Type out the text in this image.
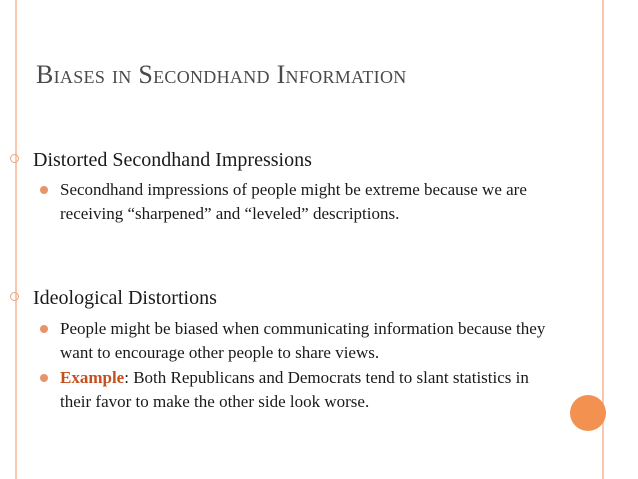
Biases in Secondhand Information
Distorted Secondhand Impressions
Secondhand impressions of people might be extreme because we are receiving “sharpened” and “leveled” descriptions.
Ideological Distortions
People might be biased when communicating information because they want to encourage other people to share views.
Example: Both Republicans and Democrats tend to slant statistics in their favor to make the other side look worse.
